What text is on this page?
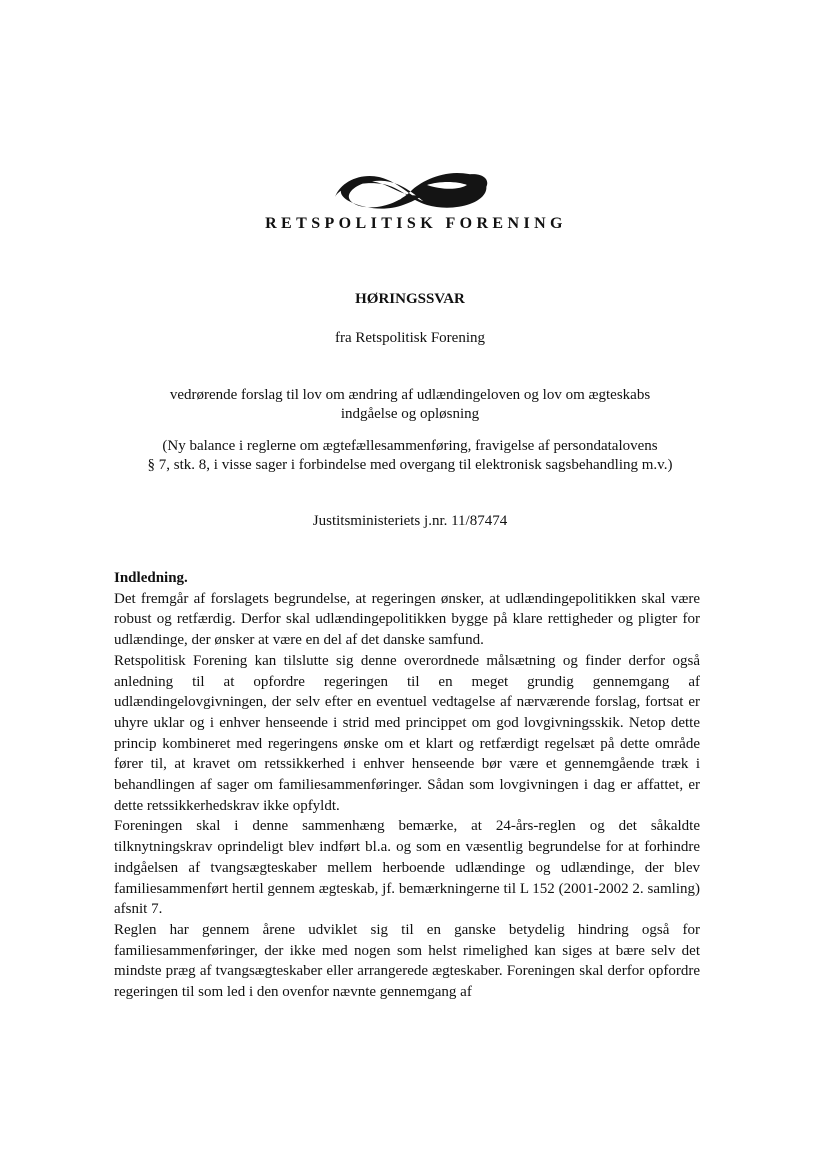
RETSPOLITISK FORENING
HØRINGSSVAR
fra Retspolitisk Forening
vedrørende forslag til lov om ændring af udlændingeloven og lov om ægteskabs
indgåelse og opløsning
(Ny balance i reglerne om ægtefællesammenføring, fravigelse af persondatalovens
§ 7, stk. 8, i visse sager i forbindelse med overgang til elektronisk sagsbehandling m.v.)
Justitsministeriets j.nr. 11/87474

Indledning.

Det fremgår af forslagets begrundelse, at regeringen ønsker, at udlændingepolitikken skal være robust og retfærdig. Derfor skal udlændingepolitikken bygge på klare rettigheder og pligter for udlændinge, der ønsker at være en del af det danske samfund.

Retspolitisk Forening kan tilslutte sig denne overordnede målsætning og finder derfor også anledning til at opfordre regeringen til en meget grundig gennemgang af udlændingelovgivningen, der selv efter en eventuel vedtagelse af nærværende forslag, fortsat er uhyre uklar og i enhver henseende i strid med princippet om god lovgivningsskik. Netop dette princip kombineret med regeringens ønske om et klart og retfærdigt regelsæt på dette område fører til, at kravet om retssikkerhed i enhver henseende bør være et gennemgående træk i behandlingen af sager om familiesammenføringer. Sådan som lovgivningen i dag er affattet, er dette retssikkerhedskrav ikke opfyldt.

Foreningen skal i denne sammenhæng bemærke, at 24-års-reglen og det såkaldte tilknytningskrav oprindeligt blev indført bl.a. og som en væsentlig begrundelse for at forhindre indgåelsen af tvangsægteskaber mellem herboende udlændinge og udlændinge, der blev familiesammenført hertil gennem ægteskab, jf. bemærkningerne til L 152 (2001-2002 2. samling) afsnit 7.

Reglen har gennem årene udviklet sig til en ganske betydelig hindring også for familiesammenføringer, der ikke med nogen som helst rimelighed kan siges at bære selv det mindste præg af tvangsægteskaber eller arrangerede ægteskaber. Foreningen skal derfor opfordre regeringen til som led i den ovenfor nævnte gennemgang af
